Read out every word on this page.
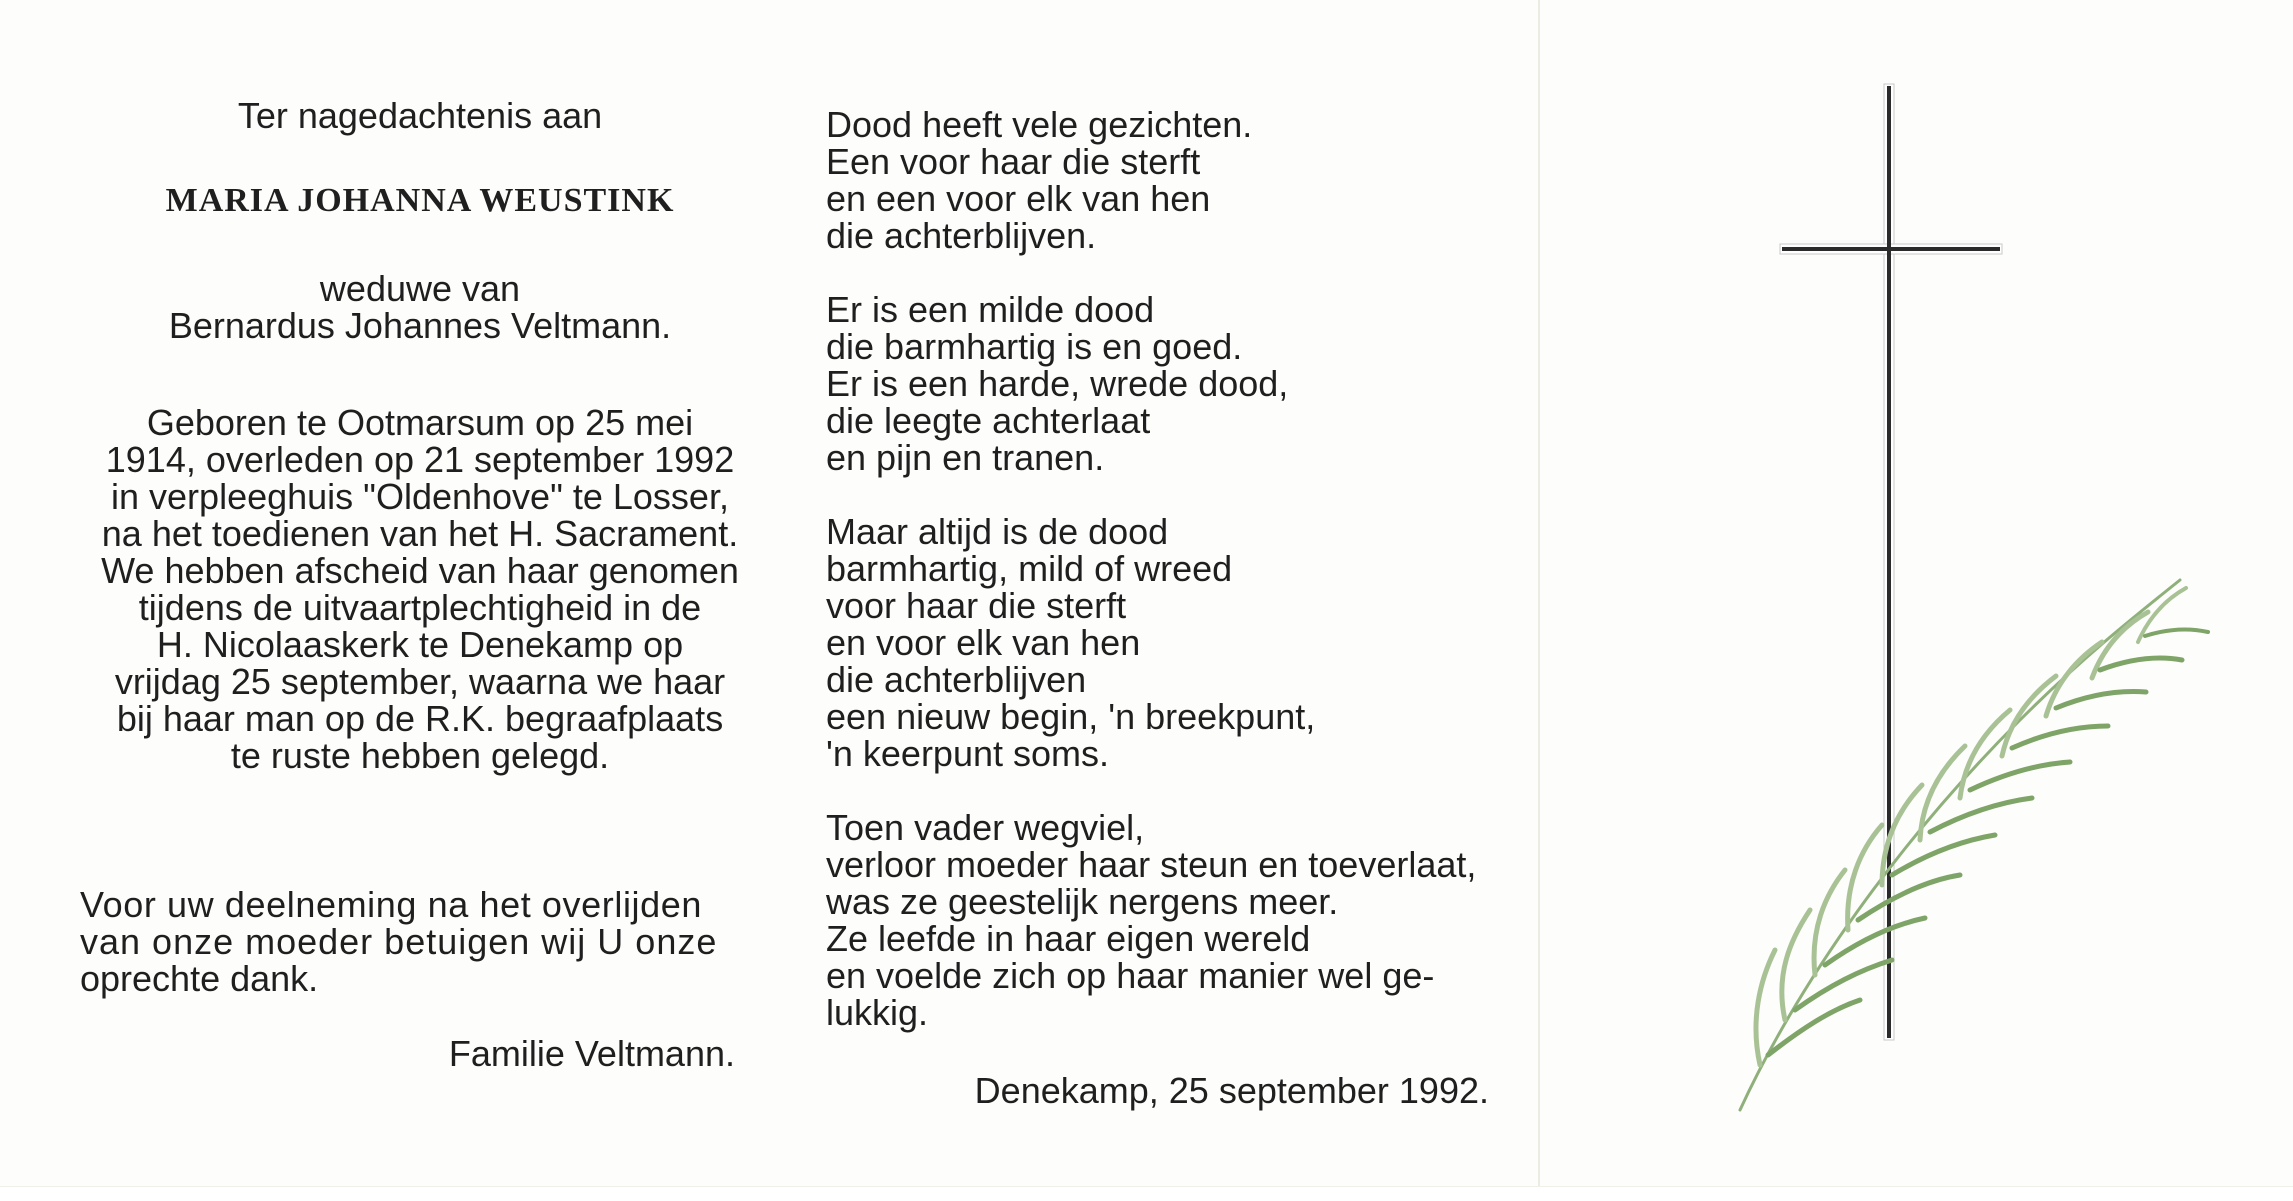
Ter nagedachtenis aan

MARIA JOHANNA WEUSTINK

weduwe van

Bernardus Johannes Veltmann.

Geboren te Ootmarsum op 25 mei

1914, overleden op 21 september 1992

in verpleeghuis "Oldenhove" te Losser,

na het toedienen van het H. Sacrament.

We hebben afscheid van haar genomen

tijdens de uitvaartplechtigheid in de

H. Nicolaaskerk te Denekamp op

vrijdag 25 september, waarna we haar

bij haar man op de R.K. begraafplaats

te ruste hebben gelegd.

Voor uw deelneming na het overlijden

van onze moeder betuigen wij U onze

oprechte dank.

Familie Veltmann.

Dood heeft vele gezichten.
Een voor haar die sterft
en een voor elk van hen
die achterblijven.
Er is een milde dood
die barmhartig is en goed.
Er is een harde, wrede dood,
die leegte achterlaat
en pijn en tranen.
Maar altijd is de dood
barmhartig, mild of wreed
voor haar die sterft
en voor elk van hen
die achterblijven
een nieuw begin, 'n breekpunt,
'n keerpunt soms.
Toen vader wegviel,
verloor moeder haar steun en toeverlaat,
was ze geestelijk nergens meer.
Ze leefde in haar eigen wereld
en voelde zich op haar manier wel ge-
lukkig.
Denekamp, 25 september 1992.
